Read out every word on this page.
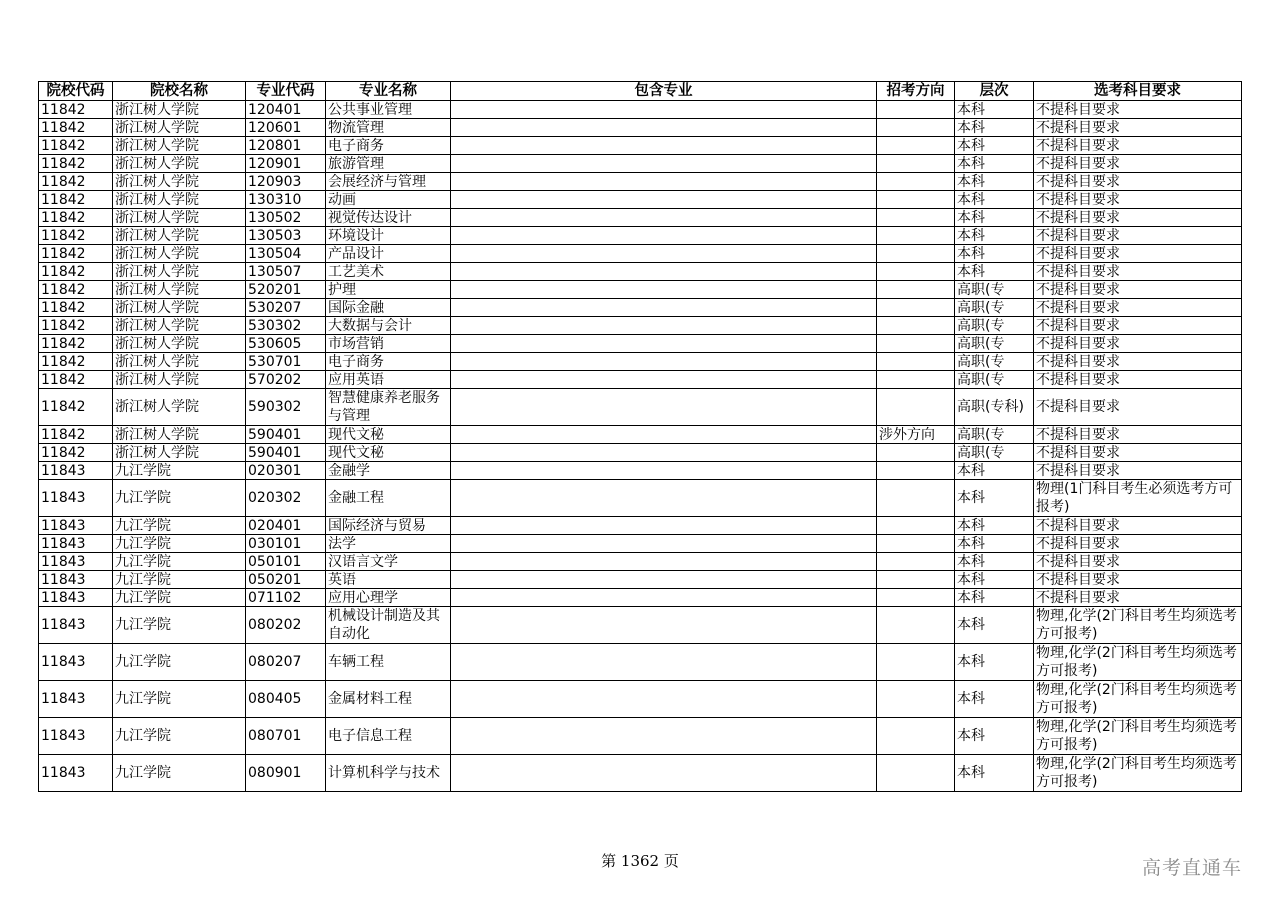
院校代码	院校名称	专业代码	专业名称	包含专业	招考方向	层次	选考科目要求
11842	浙江树人学院	120401	公共事业管理			本科	不提科目要求
11842	浙江树人学院	120601	物流管理			本科	不提科目要求
11842	浙江树人学院	120801	电子商务			本科	不提科目要求
11842	浙江树人学院	120901	旅游管理			本科	不提科目要求
11842	浙江树人学院	120903	会展经济与管理			本科	不提科目要求
11842	浙江树人学院	130310	动画			本科	不提科目要求
11842	浙江树人学院	130502	视觉传达设计			本科	不提科目要求
11842	浙江树人学院	130503	环境设计			本科	不提科目要求
11842	浙江树人学院	130504	产品设计			本科	不提科目要求
11842	浙江树人学院	130507	工艺美术			本科	不提科目要求
11842	浙江树人学院	520201	护理			高职(专	不提科目要求
11842	浙江树人学院	530207	国际金融			高职(专	不提科目要求
11842	浙江树人学院	530302	大数据与会计			高职(专	不提科目要求
11842	浙江树人学院	530605	市场营销			高职(专	不提科目要求
11842	浙江树人学院	530701	电子商务			高职(专	不提科目要求
11842	浙江树人学院	570202	应用英语			高职(专	不提科目要求
11842	浙江树人学院	590302	智慧健康养老服务与管理			高职(专科)	不提科目要求
11842	浙江树人学院	590401	现代文秘		涉外方向	高职(专	不提科目要求
11842	浙江树人学院	590401	现代文秘			高职(专	不提科目要求
11843	九江学院	020301	金融学			本科	不提科目要求
11843	九江学院	020302	金融工程			本科	物理(1门科目考生必须选考方可报考)
11843	九江学院	020401	国际经济与贸易			本科	不提科目要求
11843	九江学院	030101	法学			本科	不提科目要求
11843	九江学院	050101	汉语言文学			本科	不提科目要求
11843	九江学院	050201	英语			本科	不提科目要求
11843	九江学院	071102	应用心理学			本科	不提科目要求
11843	九江学院	080202	机械设计制造及其自动化			本科	物理,化学(2门科目考生均须选考方可报考)
11843	九江学院	080207	车辆工程			本科	物理,化学(2门科目考生均须选考方可报考)
11843	九江学院	080405	金属材料工程			本科	物理,化学(2门科目考生均须选考方可报考)
11843	九江学院	080701	电子信息工程			本科	物理,化学(2门科目考生均须选考方可报考)
11843	九江学院	080901	计算机科学与技术			本科	物理,化学(2门科目考生均须选考方可报考)
第 1362 页	高考直通车
